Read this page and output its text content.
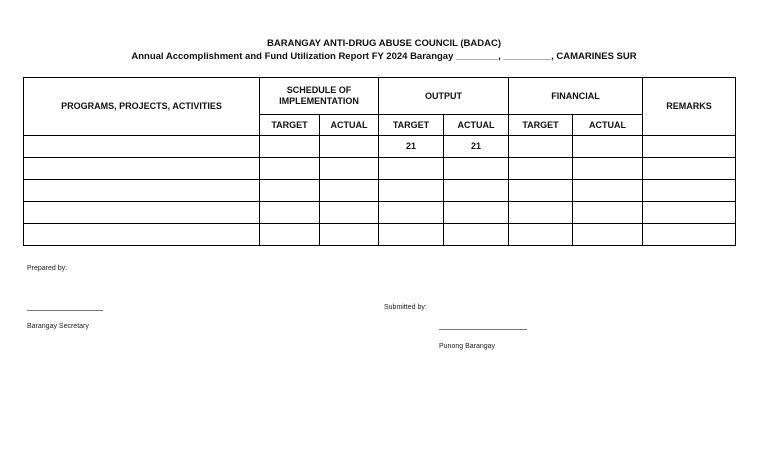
BARANGAY ANTI-DRUG ABUSE COUNCIL (BADAC)
Annual Accomplishment and Fund Utilization Report FY 2024 Barangay ________, _________, CAMARINES SUR
PROGRAMS, PROJECTS, ACTIVITIES	SCHEDULE OF IMPLEMENTATION		OUTPUT		FINANCIAL		REMARKS
	TARGET	ACTUAL	TARGET	ACTUAL	TARGET	ACTUAL	
			21	21			

Prepared by:
Barangay Secretary
Submitted by:
Punong Barangay
